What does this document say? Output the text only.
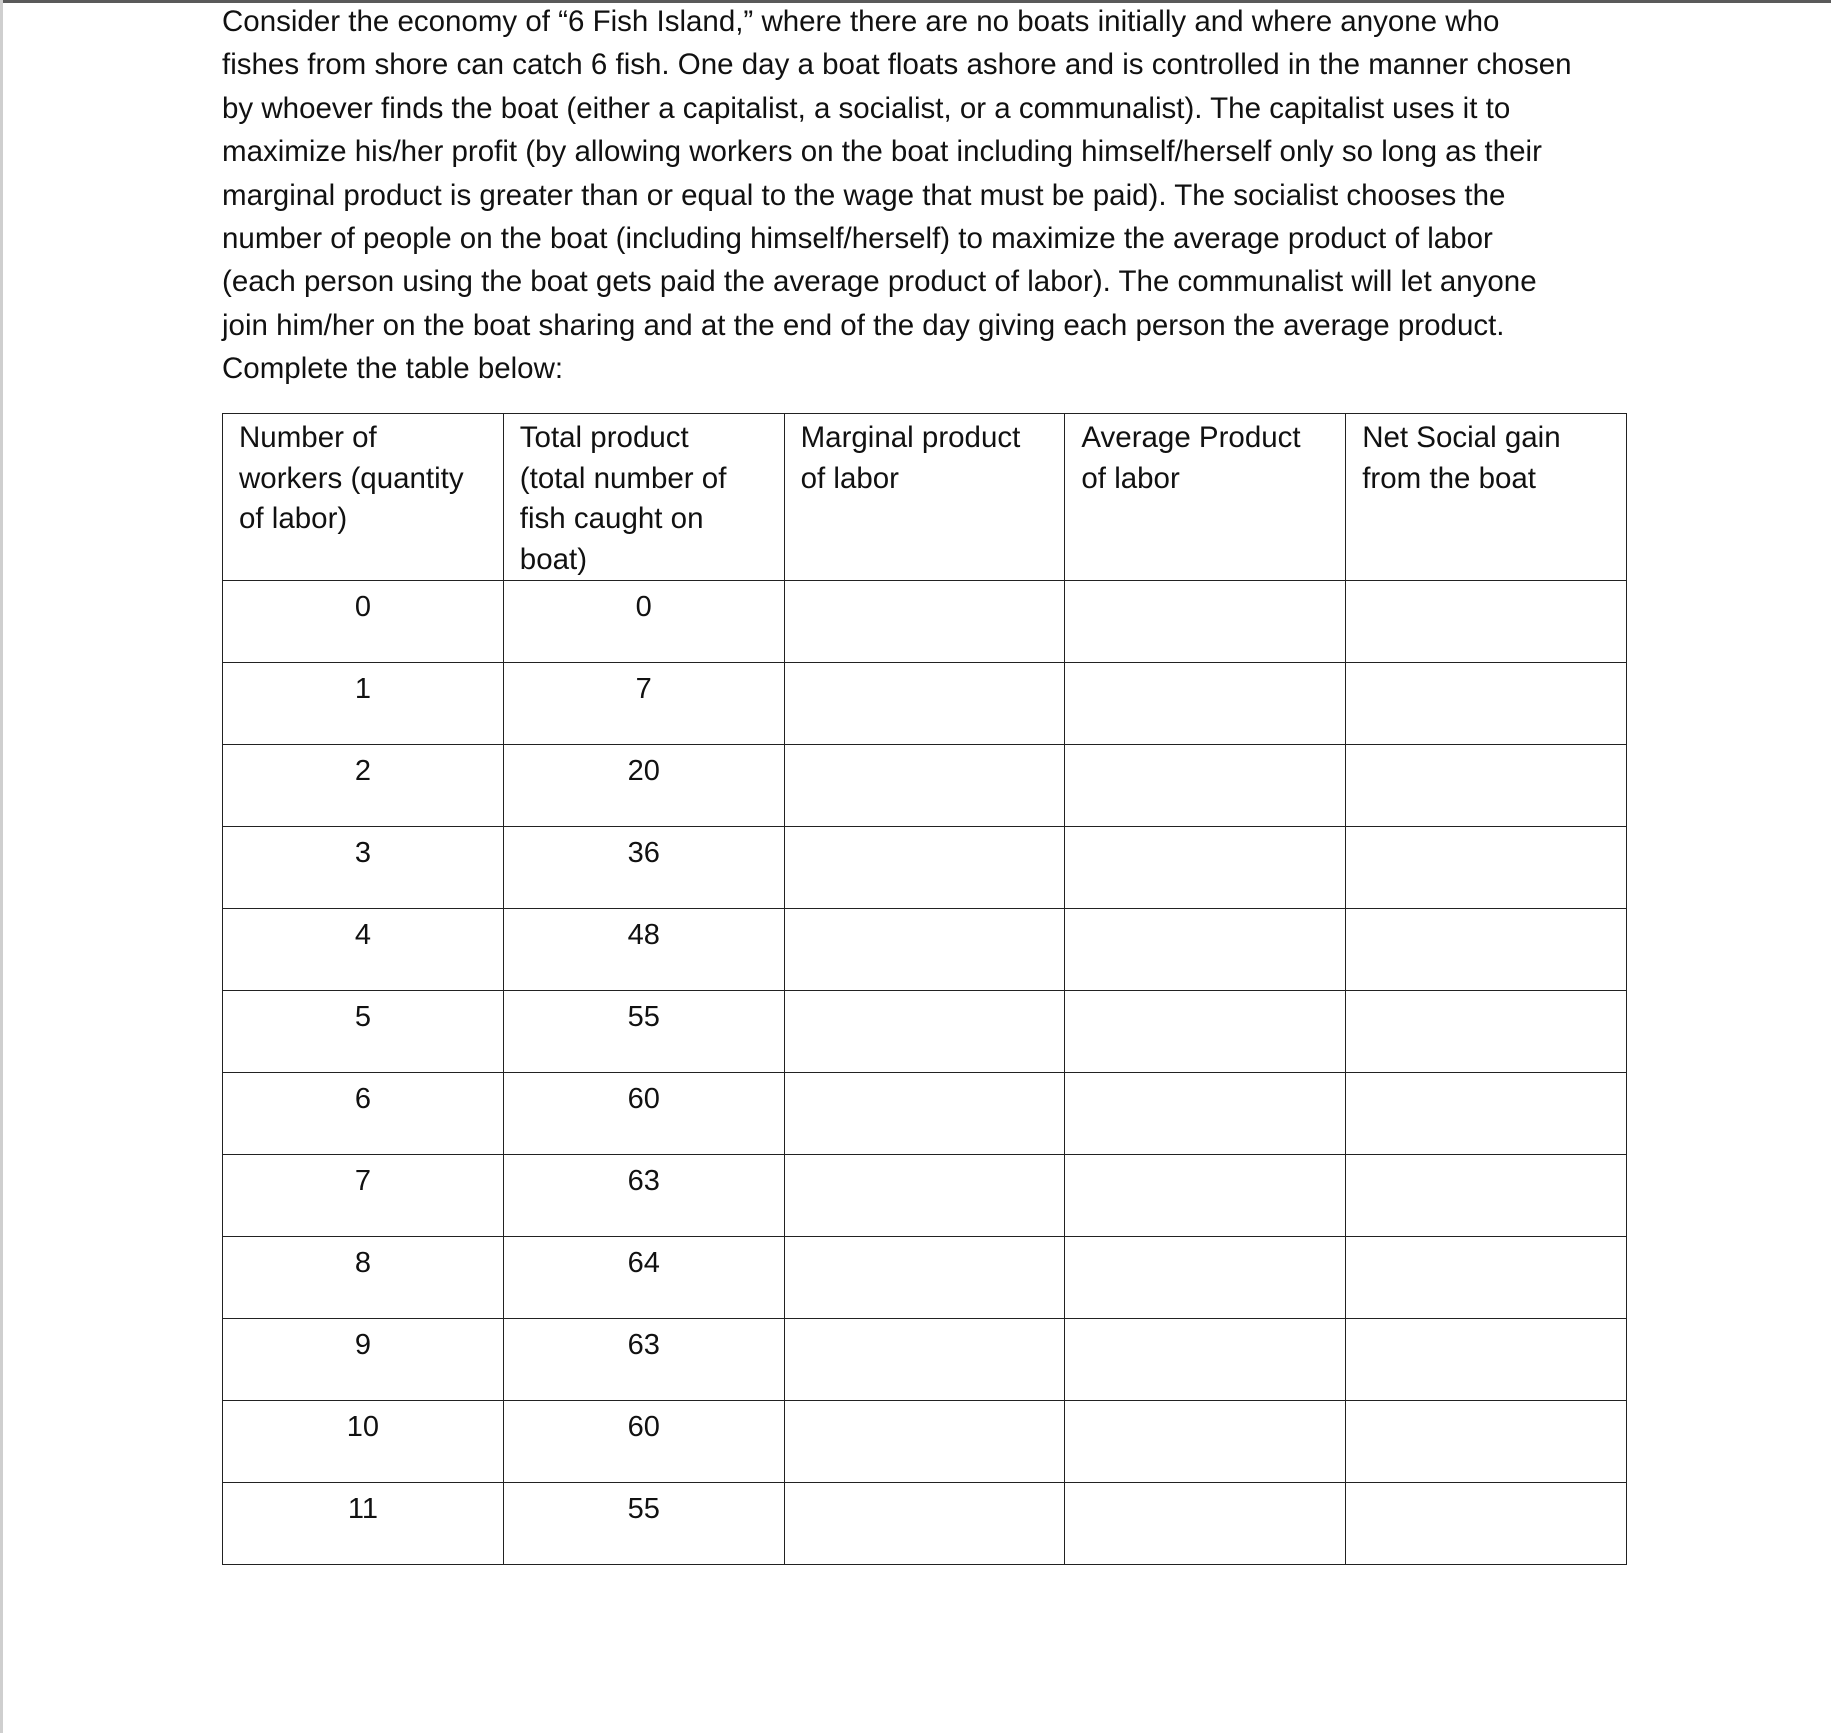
Consider the economy of “6 Fish Island,” where there are no boats initially and where anyone who
fishes from shore can catch 6 fish. One day a boat floats ashore and is controlled in the manner chosen
by whoever finds the boat (either a capitalist, a socialist, or a communalist). The capitalist uses it to
maximize his/her profit (by allowing workers on the boat including himself/herself only so long as their
marginal product is greater than or equal to the wage that must be paid). The socialist chooses the
number of people on the boat (including himself/herself) to maximize the average product of labor
(each person using the boat gets paid the average product of labor). The communalist will let anyone
join him/her on the boat sharing and at the end of the day giving each person the average product.
Complete the table below:
Number of
workers (quantity
of labor)	Total product
(total number of
fish caught on
boat)	Marginal product
of labor	Average Product
of labor	Net Social gain
from the boat

0	0			
1	7			
2	20			
3	36			
4	48			
5	55			
6	60			
7	63			
8	64			
9	63			
10	60			
11	55			
